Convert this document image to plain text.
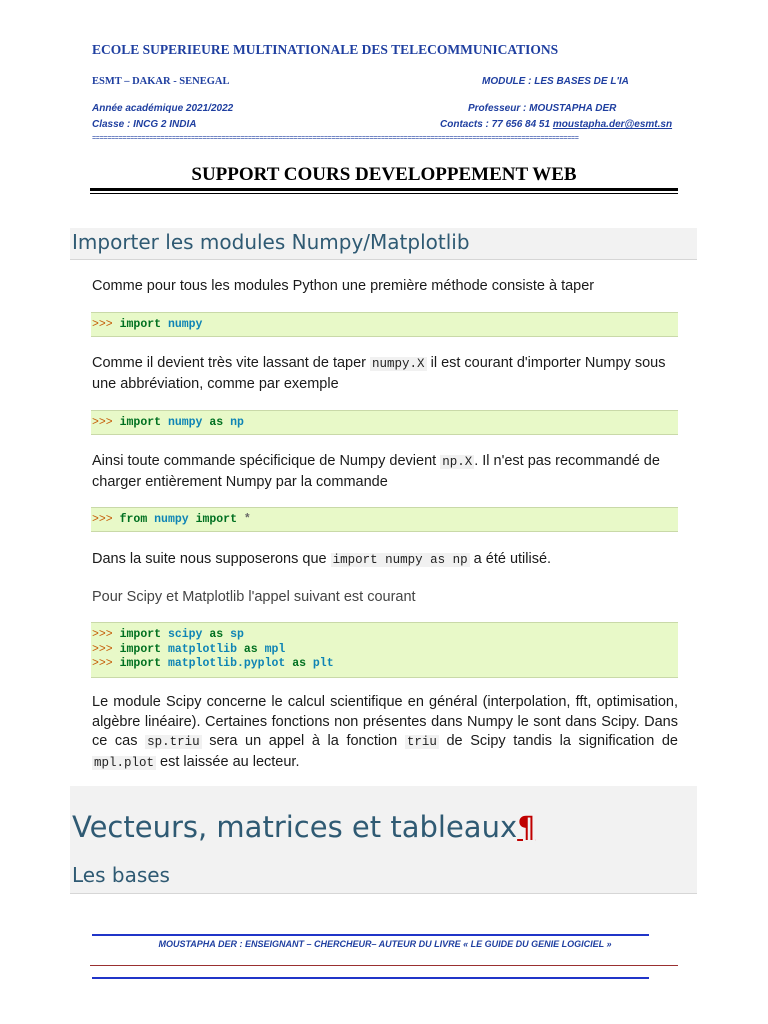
ECOLE SUPERIEURE MULTINATIONALE DES TELECOMMUNICATIONS
ESMT – DAKAR - SENEGAL	MODULE : LES BASES DE L'IA
Année académique 2021/2022	Professeur : MOUSTAPHA DER
Classe : INCG 2 INDIA	Contacts : 77 656 84 51 moustapha.der@esmt.sn
================================================================================================================================
SUPPORT COURS DEVELOPPEMENT WEB
Importer les modules Numpy/Matplotlib
Comme pour tous les modules Python une première méthode consiste à taper
>>> import numpy
Comme il devient très vite lassant de taper numpy.X il est courant d'importer Numpy sous une abbréviation, comme par exemple
>>> import numpy as np
Ainsi toute commande spécificique de Numpy devient np.X . Il n'est pas recommandé de charger entièrement Numpy par la commande
>>> from numpy import *
Dans la suite nous supposerons que import numpy as np a été utilisé.
Pour Scipy et Matplotlib l'appel suivant est courant
>>> import scipy as sp
>>> import matplotlib as mpl
>>> import matplotlib.pyplot as plt
Le module Scipy concerne le calcul scientifique en général (interpolation, fft, optimisation, algèbre linéaire). Certaines fonctions non présentes dans Numpy le sont dans Scipy. Dans ce cas sp.triu sera un appel à la fonction triu de Scipy tandis la signification de mpl.plot est laissée au lecteur.
Vecteurs, matrices et tableaux¶
Les bases
MOUSTAPHA DER : ENSEIGNANT – CHERCHEUR– AUTEUR DU LIVRE « LE GUIDE DU GENIE LOGICIEL »
